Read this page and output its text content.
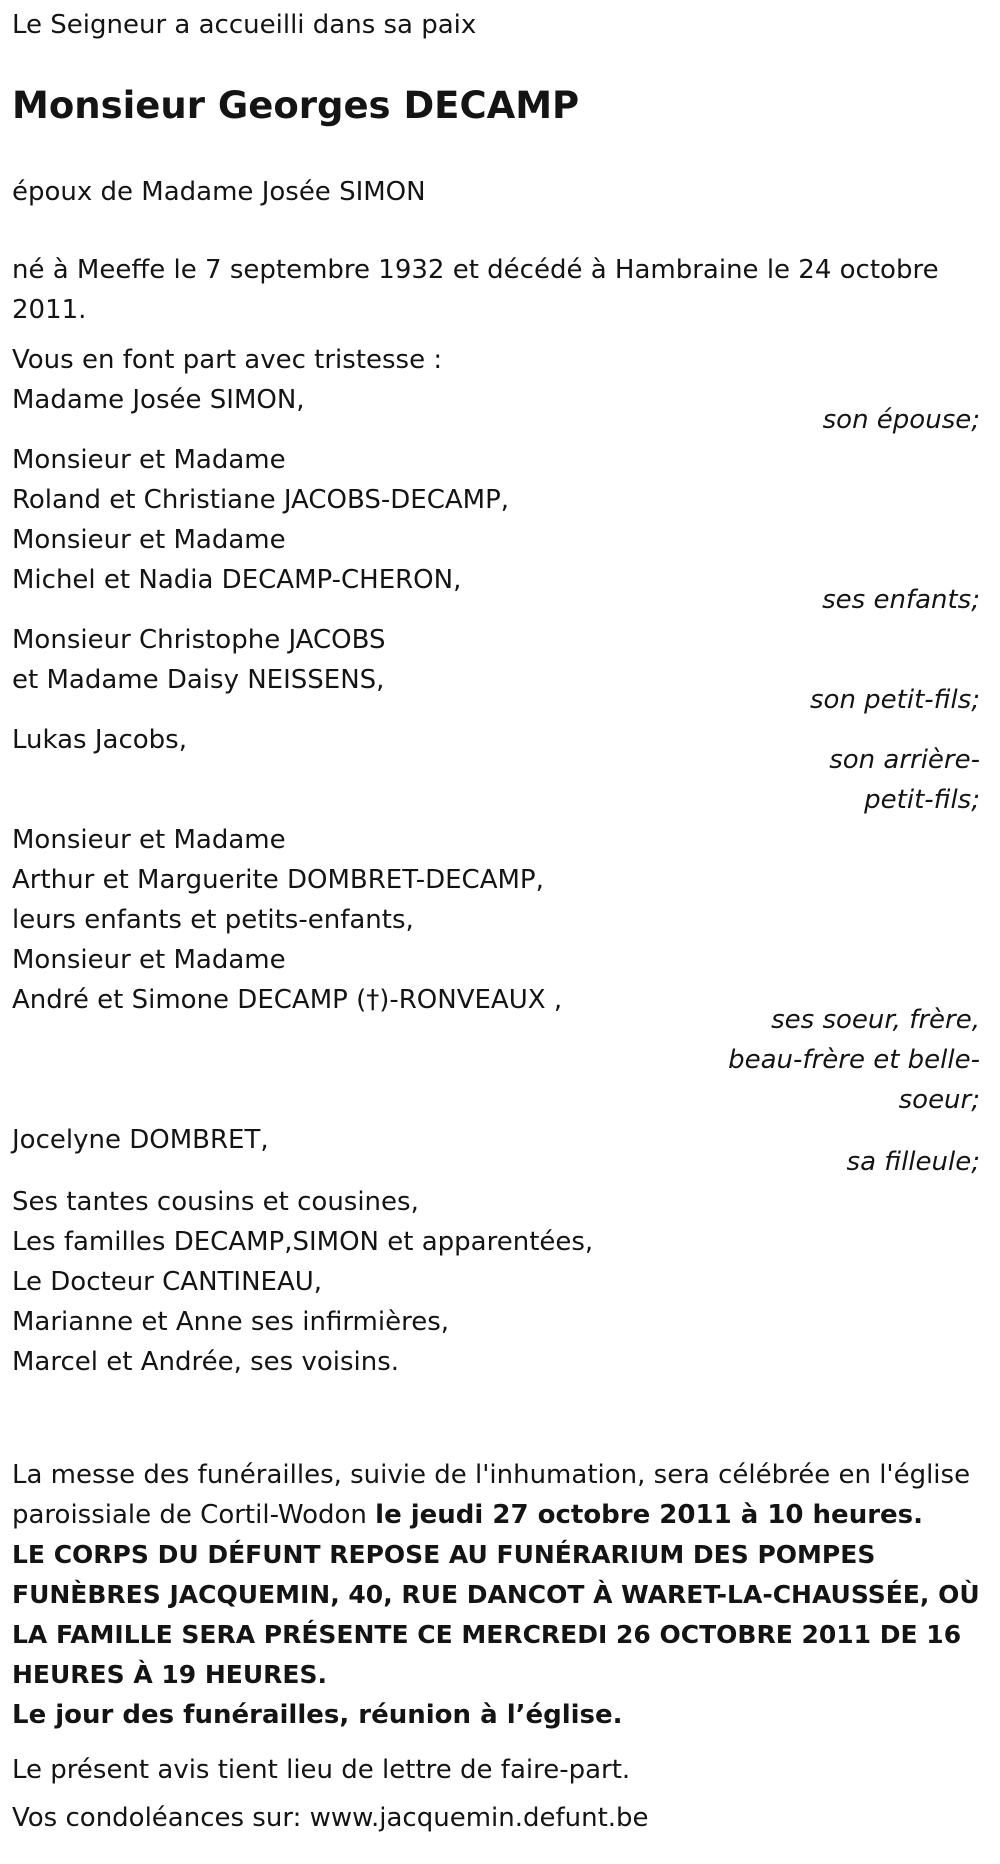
Le Seigneur a accueilli dans sa paix

Monsieur Georges DECAMP

époux de Madame Josée SIMON

né à Meeffe le 7 septembre 1932 et décédé à Hambraine le 24 octobre
2011.

Vous en font part avec tristesse :

Madame Josée SIMON,
son épouse;
Monsieur et Madame
Roland et Christiane JACOBS-DECAMP,
Monsieur et Madame
Michel et Nadia DECAMP-CHERON,
ses enfants;
Monsieur Christophe JACOBS
et Madame Daisy NEISSENS,
son petit-fils;
Lukas Jacobs,
son arrière-
petit-fils;
Monsieur et Madame
Arthur et Marguerite DOMBRET-DECAMP,
leurs enfants et petits-enfants,
Monsieur et Madame
André et Simone DECAMP (†)-RONVEAUX ,
ses soeur, frère,
beau-frère et belle-
soeur;
Jocelyne DOMBRET,
sa filleule;
Ses tantes cousins et cousines,
Les familles DECAMP,SIMON et apparentées,
Le Docteur CANTINEAU,
Marianne et Anne ses infirmières,
Marcel et Andrée, ses voisins.
La messe des funérailles, suivie de l'inhumation, sera célébrée en l'église
paroissiale de Cortil-Wodon le jeudi 27 octobre 2011 à 10 heures.
LE CORPS DU DÉFUNT REPOSE AU FUNÉRARIUM DES POMPES
FUNÈBRES JACQUEMIN, 40, RUE DANCOT À WARET-LA-CHAUSSÉE, OÙ
LA FAMILLE SERA PRÉSENTE CE MERCREDI 26 OCTOBRE 2011 DE 16
HEURES À 19 HEURES.

Le jour des funérailles, réunion à l’église.

Le présent avis tient lieu de lettre de faire-part.

Vos condoléances sur: www.jacquemin.defunt.be
